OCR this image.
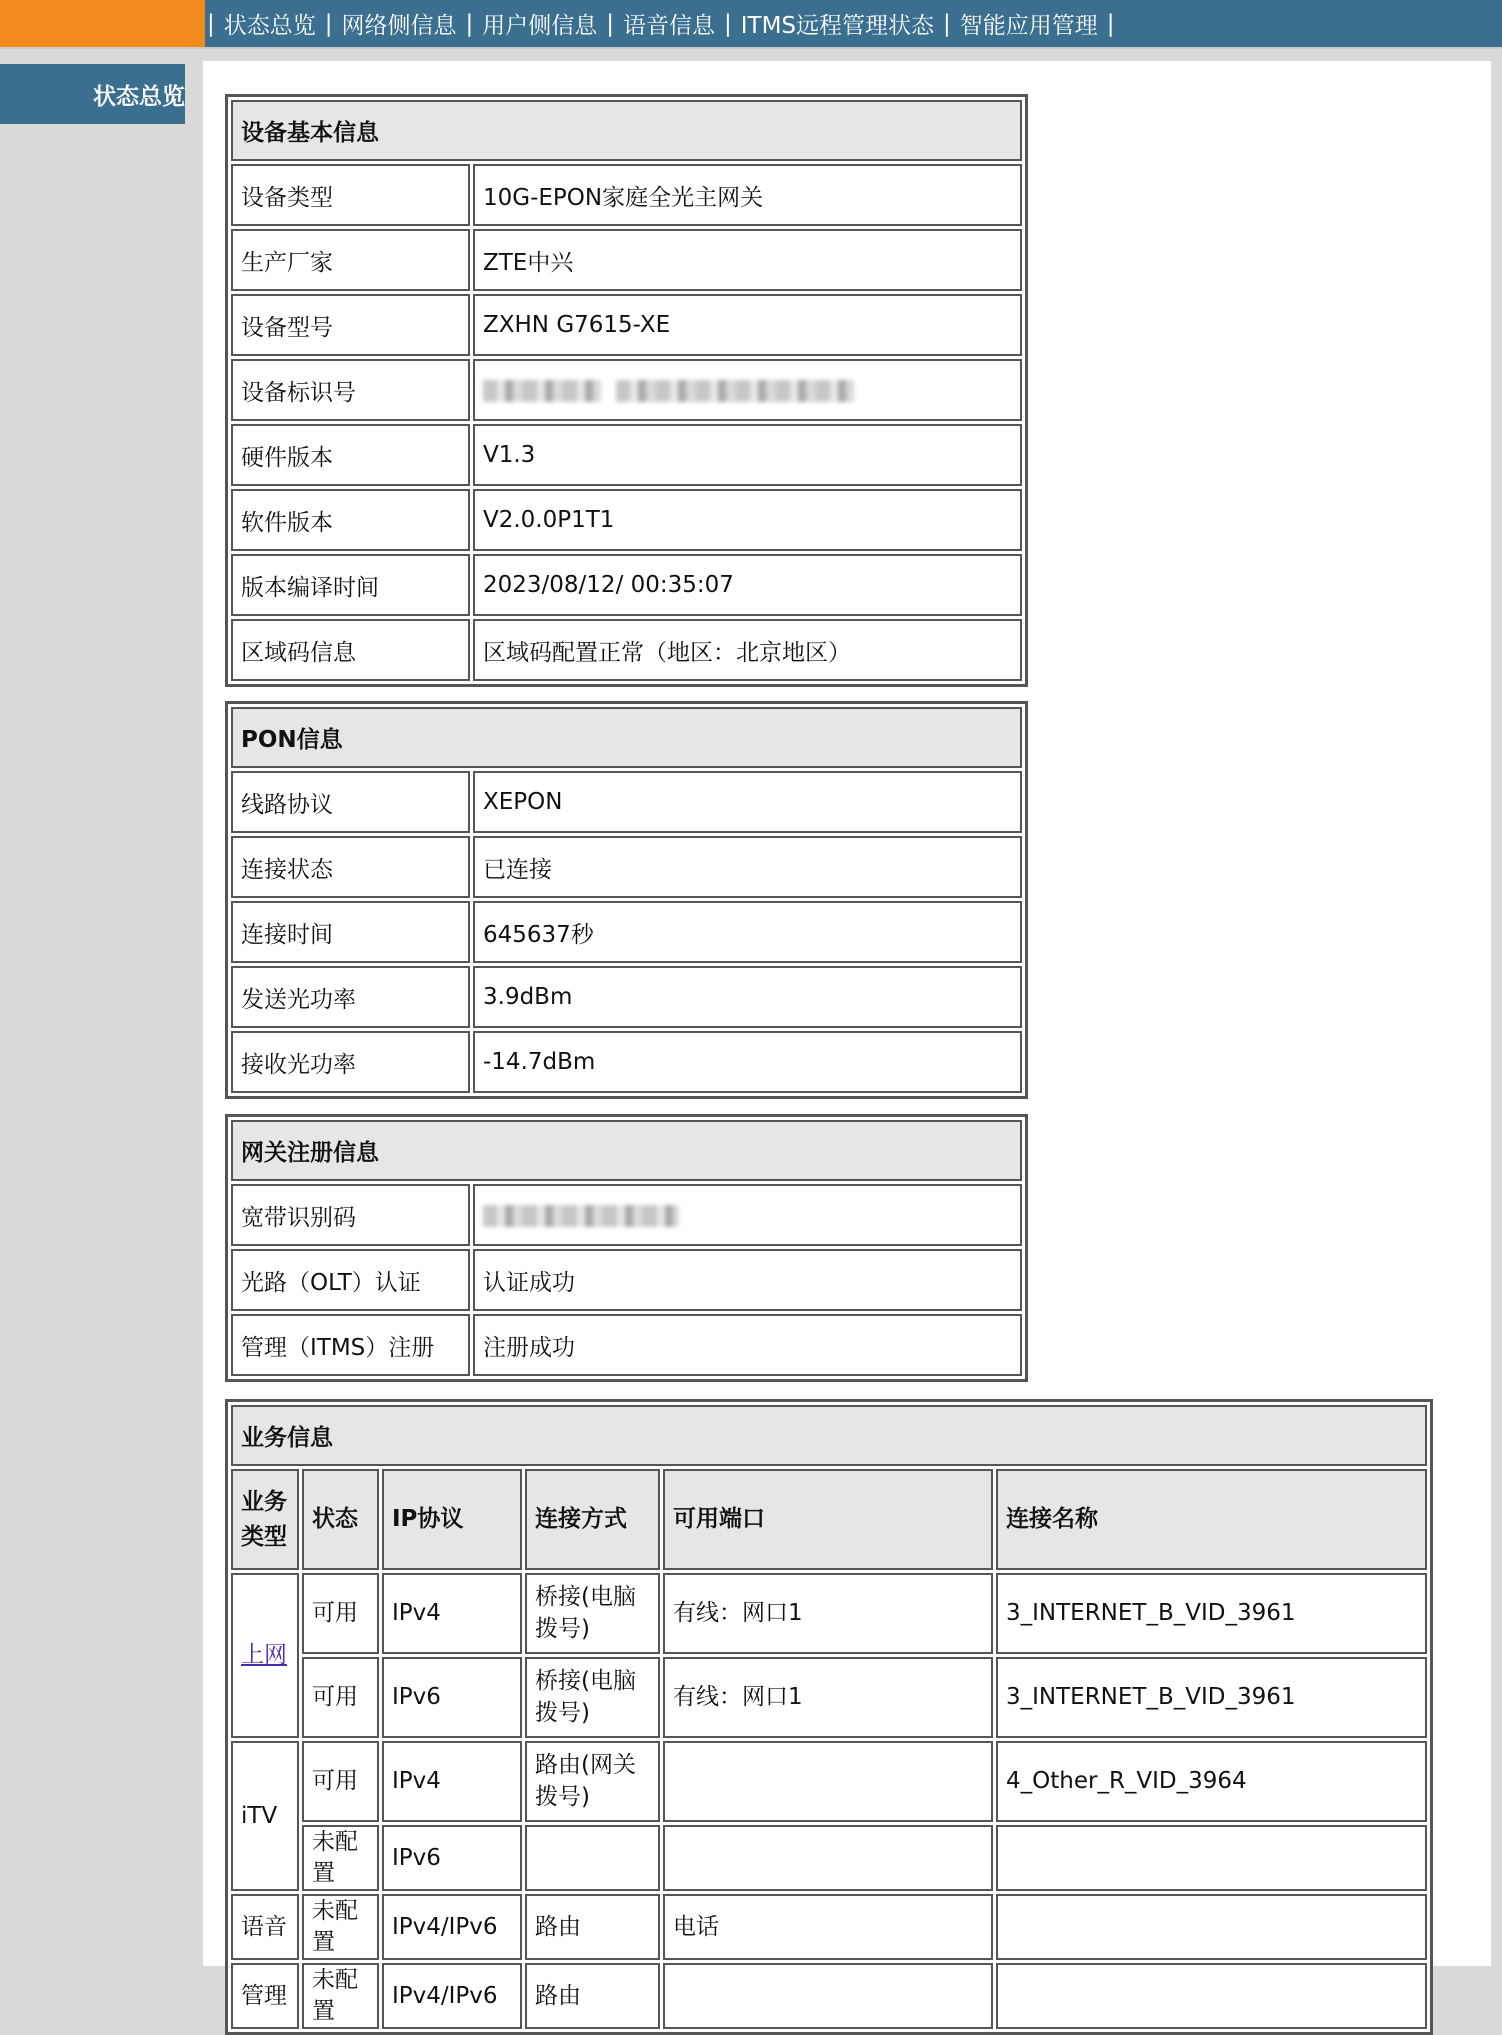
| 状态总览 | 网络侧信息 | 用户侧信息 | 语音信息 | ITMS远程管理状态 | 智能应用管理 |
状态总览
设备基本信息	
设备类型	10G-EPON家庭全光主网关
生产厂家	ZTE中兴
设备型号	ZXHN G7615-XE
设备标识号	
硬件版本	V1.3
软件版本	V2.0.0P1T1
版本编译时间	2023/08/12/ 00:35:07
区域码信息	区域码配置正常（地区：北京地区）
PON信息	
线路协议	XEPON
连接状态	已连接
连接时间	645637秒
发送光功率	3.9dBm
接收光功率	-14.7dBm
网关注册信息	
宽带识别码	
光路（OLT）认证	认证成功
管理（ITMS）注册	注册成功
业务信息					
业务
类型	状态	IP协议	连接方式	可用端口	连接名称
上网	可用	IPv4	桥接(电脑
拨号)	有线：网口1	3_INTERNET_B_VID_3961
	可用	IPv6	桥接(电脑
拨号)	有线：网口1	3_INTERNET_B_VID_3961
iTV	可用	IPv4	路由(网关
拨号)		4_Other_R_VID_3964
	未配置	IPv6			
语音	未配置	IPv4/IPv6	路由	电话	
管理	未配置	IPv4/IPv6	路由		
